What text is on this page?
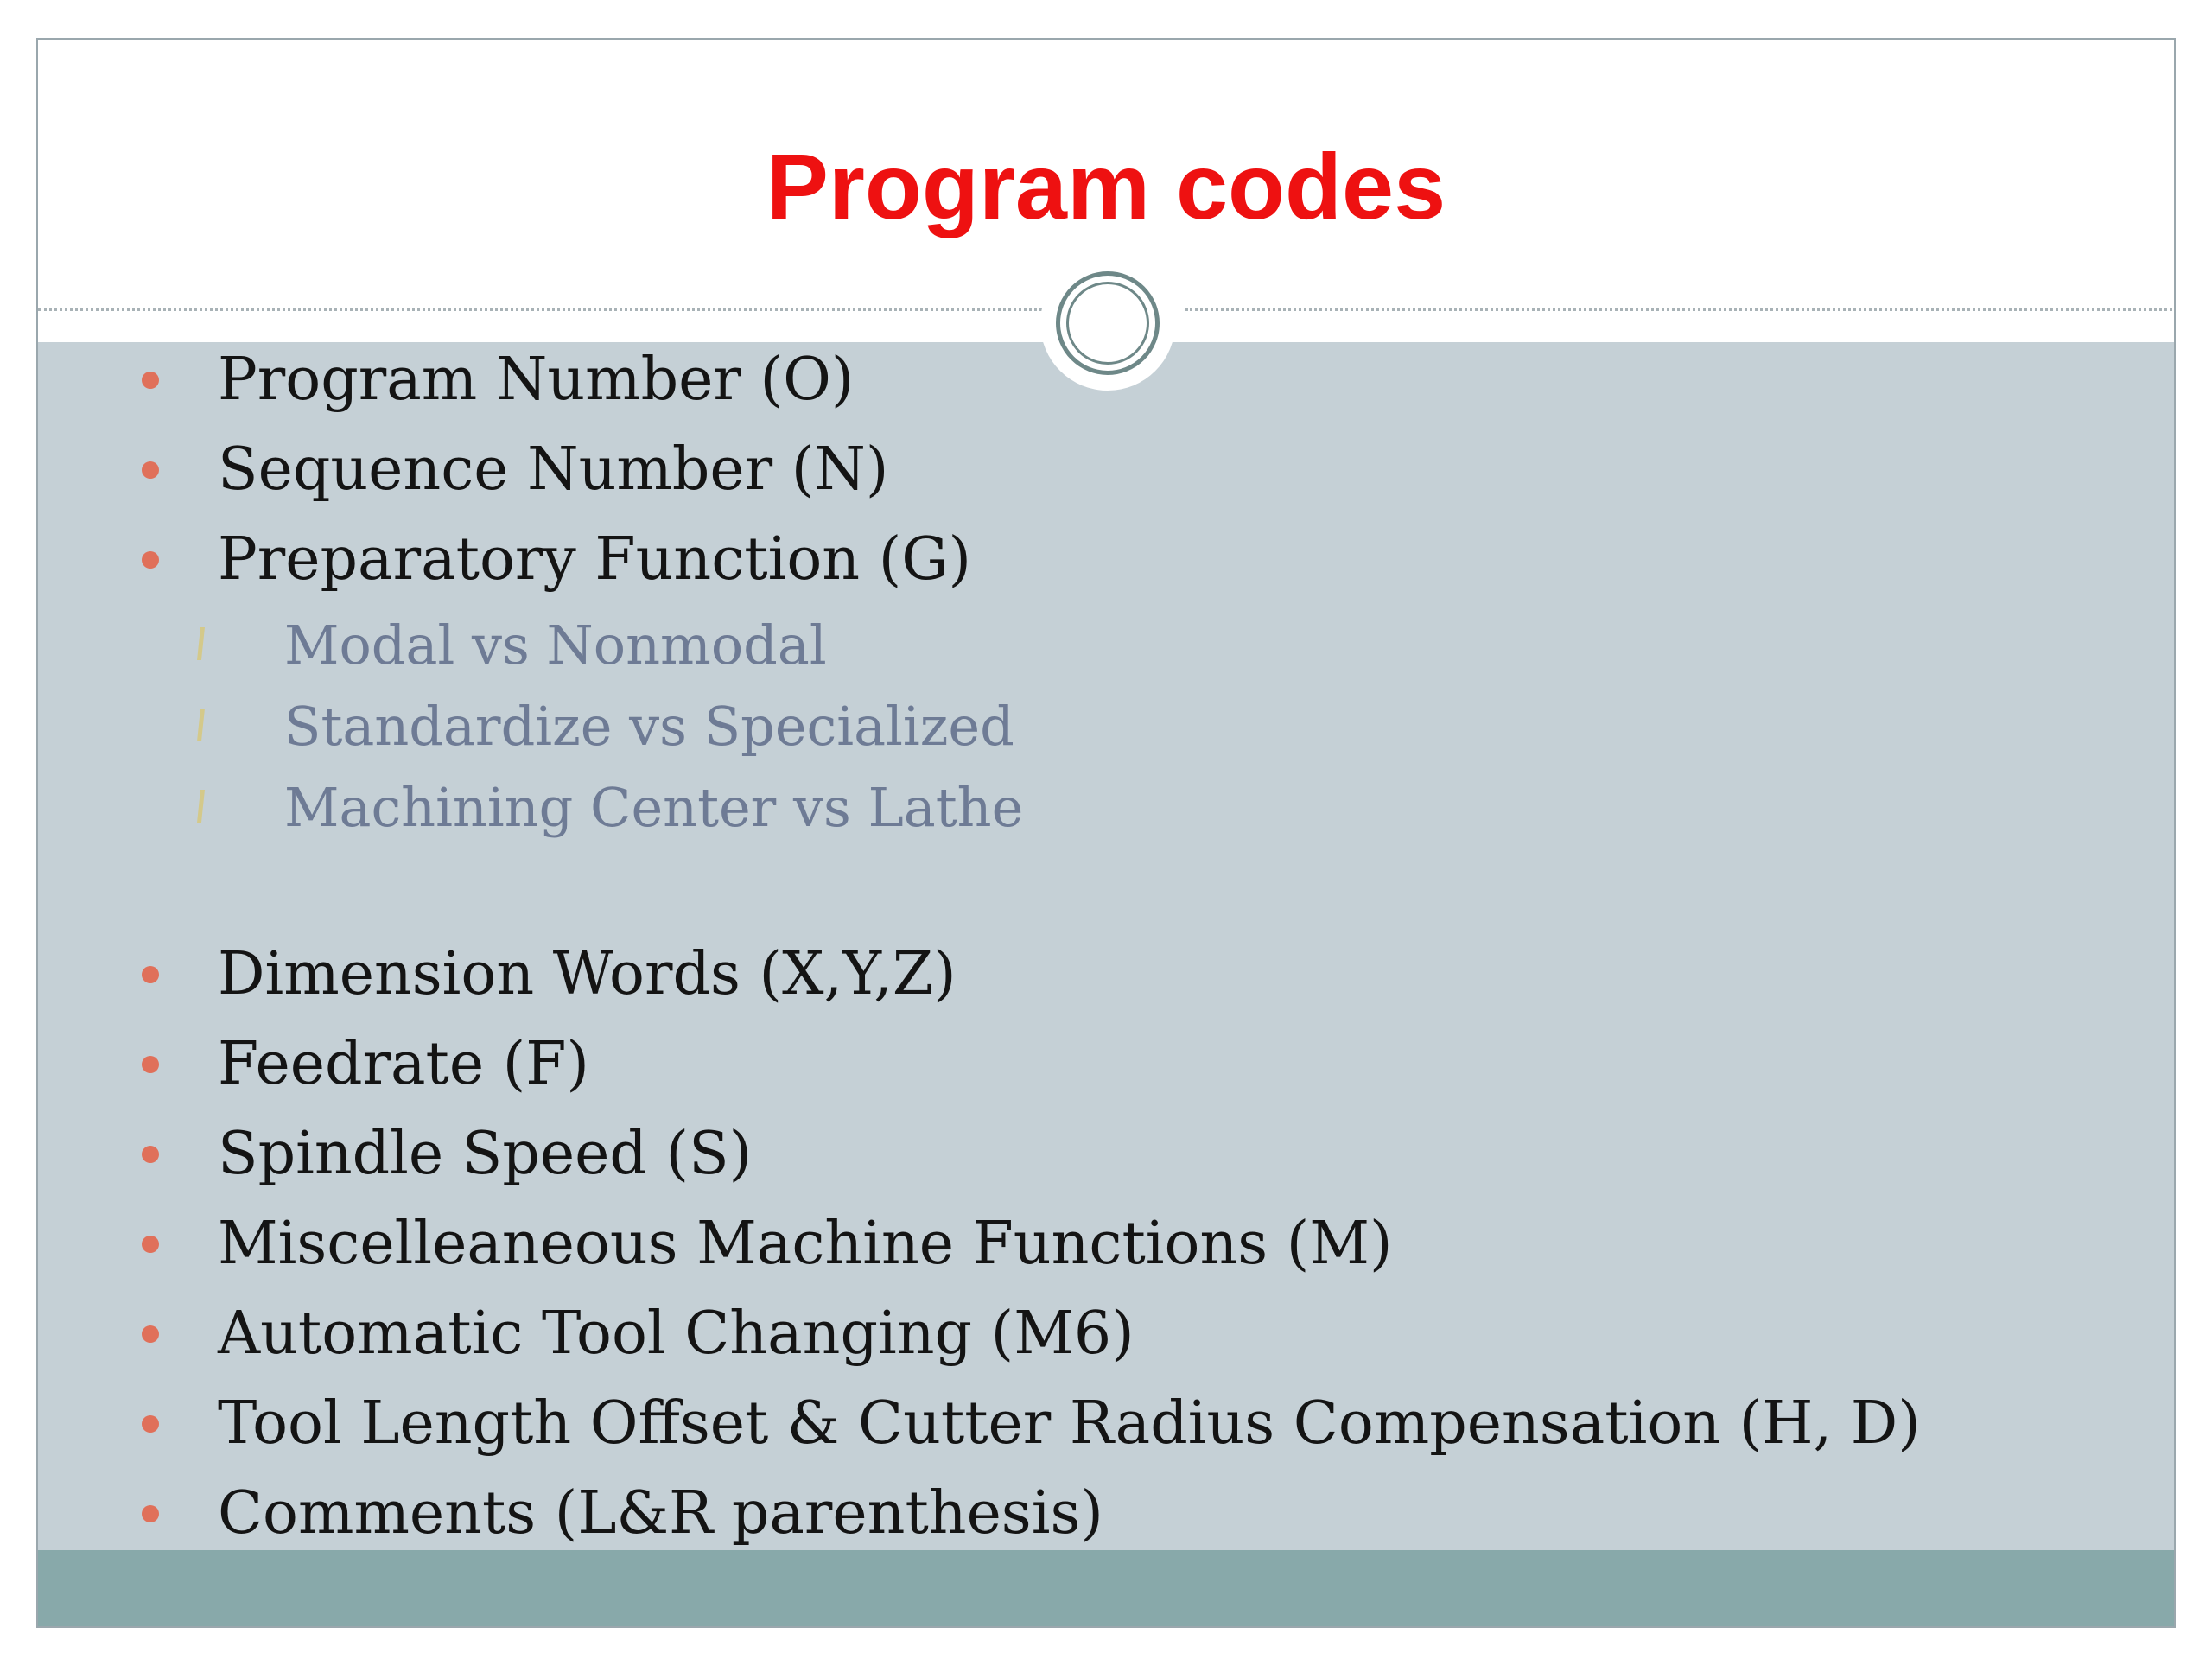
Program codes
Program Number (O)
Sequence Number (N)
Preparatory Function (G)
Modal vs Nonmodal
Standardize vs Specialized
Machining Center vs Lathe
Dimension Words (X,Y,Z)
Feedrate (F)
Spindle Speed (S)
Miscelleaneous Machine Functions (M)
Automatic Tool Changing (M6)
Tool Length Offset & Cutter Radius Compensation (H, D)
Comments (L&R parenthesis)
